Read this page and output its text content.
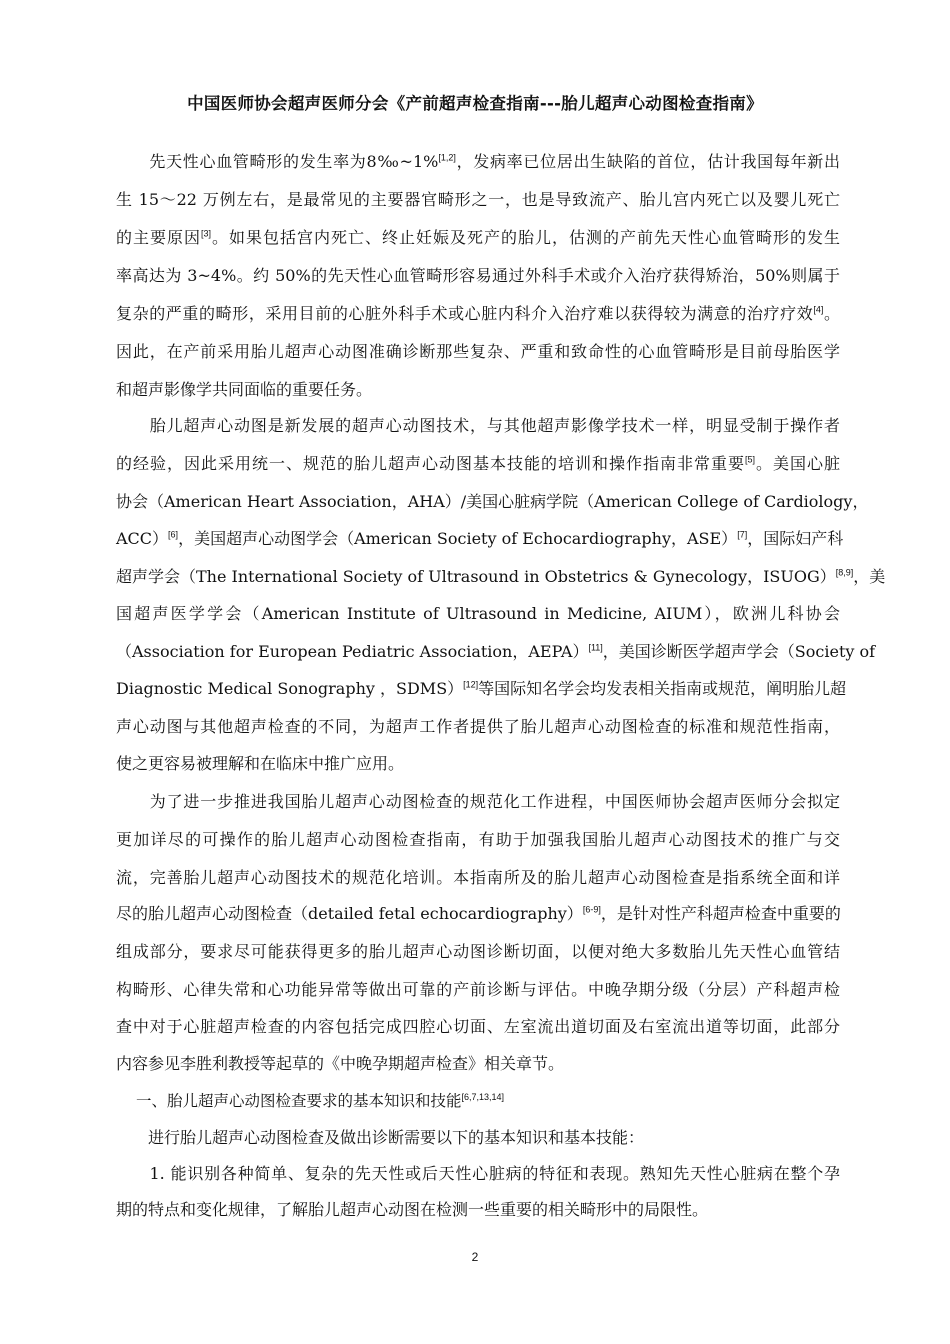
中国医师协会超声医师分会《产前超声检查指南---胎儿超声心动图检查指南》
　　先天性心血管畸形的发生率为8‰~1%[1,2]，发病率已位居出生缺陷的首位，估计我国每年新出
生 15～22 万例左右，是最常见的主要器官畸形之一，也是导致流产、胎儿宫内死亡以及婴儿死亡
的主要原因[3]。如果包括宫内死亡、终止妊娠及死产的胎儿，估测的产前先天性心血管畸形的发生
率高达为 3~4%。约 50%的先天性心血管畸形容易通过外科手术或介入治疗获得矫治，50%则属于
复杂的严重的畸形，采用目前的心脏外科手术或心脏内科介入治疗难以获得较为满意的治疗疗效[4]。
因此，在产前采用胎儿超声心动图准确诊断那些复杂、严重和致命性的心血管畸形是目前母胎医学
和超声影像学共同面临的重要任务。
　　胎儿超声心动图是新发展的超声心动图技术，与其他超声影像学技术一样，明显受制于操作者
的经验，因此采用统一、规范的胎儿超声心动图基本技能的培训和操作指南非常重要[5]。美国心脏
协会（American Heart Association，AHA）/美国心脏病学院（American College of Cardiology，
ACC）[6]，美国超声心动图学会（American Society of Echocardiography，ASE）[7]，国际妇产科
超声学会（The International Society of Ultrasound in Obstetrics & Gynecology，ISUOG）[8,9]，美
国超声医学学会（American Institute of Ultrasound in Medicine, AIUM），欧洲儿科协会
（Association for European Pediatric Association，AEPA）[11]，美国诊断医学超声学会（Society of
Diagnostic Medical Sonography ，SDMS）[12]等国际知名学会均发表相关指南或规范，阐明胎儿超
声心动图与其他超声检查的不同，为超声工作者提供了胎儿超声心动图检查的标准和规范性指南，
使之更容易被理解和在临床中推广应用。
　　为了进一步推进我国胎儿超声心动图检查的规范化工作进程，中国医师协会超声医师分会拟定
更加详尽的可操作的胎儿超声心动图检查指南，有助于加强我国胎儿超声心动图技术的推广与交
流，完善胎儿超声心动图技术的规范化培训。本指南所及的胎儿超声心动图检查是指系统全面和详
尽的胎儿超声心动图检查（detailed fetal echocardiography）[6-9]，是针对性产科超声检查中重要的
组成部分，要求尽可能获得更多的胎儿超声心动图诊断切面，以便对绝大多数胎儿先天性心血管结
构畸形、心律失常和心功能异常等做出可靠的产前诊断与评估。中晚孕期分级（分层）产科超声检
查中对于心脏超声检查的内容包括完成四腔心切面、左室流出道切面及右室流出道等切面，此部分
内容参见李胜利教授等起草的《中晚孕期超声检查》相关章节。
一、胎儿超声心动图检查要求的基本知识和技能[6,7,13,14]
　　进行胎儿超声心动图检查及做出诊断需要以下的基本知识和基本技能：
　　1. 能识别各种简单、复杂的先天性或后天性心脏病的特征和表现。熟知先天性心脏病在整个孕
期的特点和变化规律，了解胎儿超声心动图在检测一些重要的相关畸形中的局限性。
2
